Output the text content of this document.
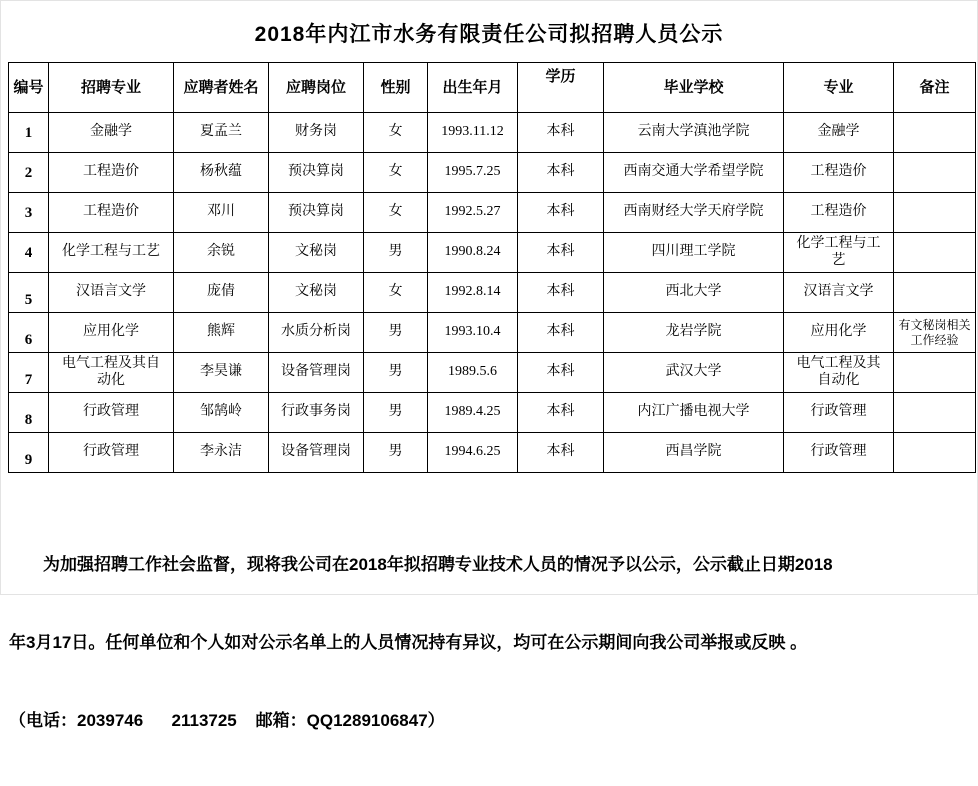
2018年内江市水务有限责任公司拟招聘人员公示
编号	招聘专业	应聘者姓名	应聘岗位	性别	出生年月	学历	毕业学校	专业	备注
1	金融学	夏孟兰	财务岗	女	1993.11.12	本科	云南大学滇池学院	金融学	
2	工程造价	杨秋蕴	预决算岗	女	1995.7.25	本科	西南交通大学希望学院	工程造价	
3	工程造价	邓川	预决算岗	女	1992.5.27	本科	西南财经大学天府学院	工程造价	
4	化学工程与工艺	余锐	文秘岗	男	1990.8.24	本科	四川理工学院	化学工程与工艺	
5	汉语言文学	庞倩	文秘岗	女	1992.8.14	本科	西北大学	汉语言文学	
6	应用化学	熊辉	水质分析岗	男	1993.10.4	本科	龙岩学院	应用化学	有文秘岗相关工作经验
7	电气工程及其自动化	李昊谦	设备管理岗	男	1989.5.6	本科	武汉大学	电气工程及其自动化	
8	行政管理	邹鹄岭	行政事务岗	男	1989.4.25	本科	内江广播电视大学	行政管理	
9	行政管理	李永洁	设备管理岗	男	1994.6.25	本科	西昌学院	行政管理	

为加强招聘工作社会监督，现将我公司在2018年拟招聘专业技术人员的情况予以公示，公示截止日期2018

年3月17日。任何单位和个人如对公示名单上的人员情况持有异议，均可在公示期间向我公司举报或反映 。

（电话：2039746      2113725    邮箱：QQ1289106847）
